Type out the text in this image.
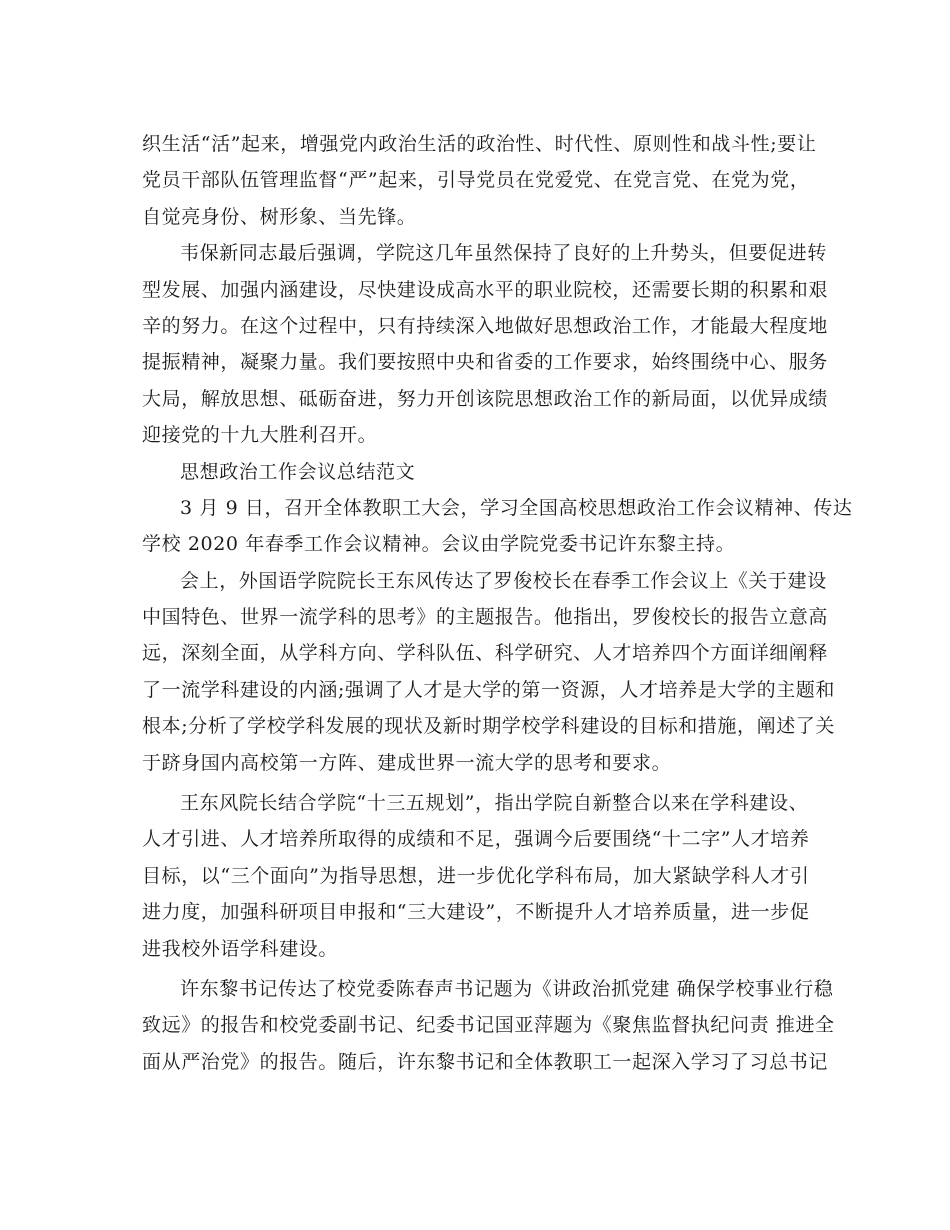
织生活“活”起来，增强党内政治生活的政治性、时代性、原则性和战斗性;要让
党员干部队伍管理监督“严”起来，引导党员在党爱党、在党言党、在党为党，
自觉亮身份、树形象、当先锋。
韦保新同志最后强调，学院这几年虽然保持了良好的上升势头，但要促进转
型发展、加强内涵建设，尽快建设成高水平的职业院校，还需要长期的积累和艰
辛的努力。在这个过程中，只有持续深入地做好思想政治工作，才能最大程度地
提振精神，凝聚力量。我们要按照中央和省委的工作要求，始终围绕中心、服务
大局，解放思想、砥砺奋进，努力开创该院思想政治工作的新局面，以优异成绩
迎接党的十九大胜利召开。
思想政治工作会议总结范文
3 月 9 日，召开全体教职工大会，学习全国高校思想政治工作会议精神、传达
学校 2020 年春季工作会议精神。会议由学院党委书记许东黎主持。
会上，外国语学院院长王东风传达了罗俊校长在春季工作会议上《关于建设
中国特色、世界一流学科的思考》的主题报告。他指出，罗俊校长的报告立意高
远，深刻全面，从学科方向、学科队伍、科学研究、人才培养四个方面详细阐释
了一流学科建设的内涵;强调了人才是大学的第一资源，人才培养是大学的主题和
根本;分析了学校学科发展的现状及新时期学校学科建设的目标和措施，阐述了关
于跻身国内高校第一方阵、建成世界一流大学的思考和要求。
王东风院长结合学院“十三五规划”，指出学院自新整合以来在学科建设、
人才引进、人才培养所取得的成绩和不足，强调今后要围绕“十二字”人才培养
目标，以“三个面向”为指导思想，进一步优化学科布局，加大紧缺学科人才引
进力度，加强科研项目申报和“三大建设”，不断提升人才培养质量，进一步促
进我校外语学科建设。
许东黎书记传达了校党委陈春声书记题为《讲政治抓党建 确保学校事业行稳
致远》的报告和校党委副书记、纪委书记国亚萍题为《聚焦监督执纪问责 推进全
面从严治党》的报告。随后，许东黎书记和全体教职工一起深入学习了习总书记
